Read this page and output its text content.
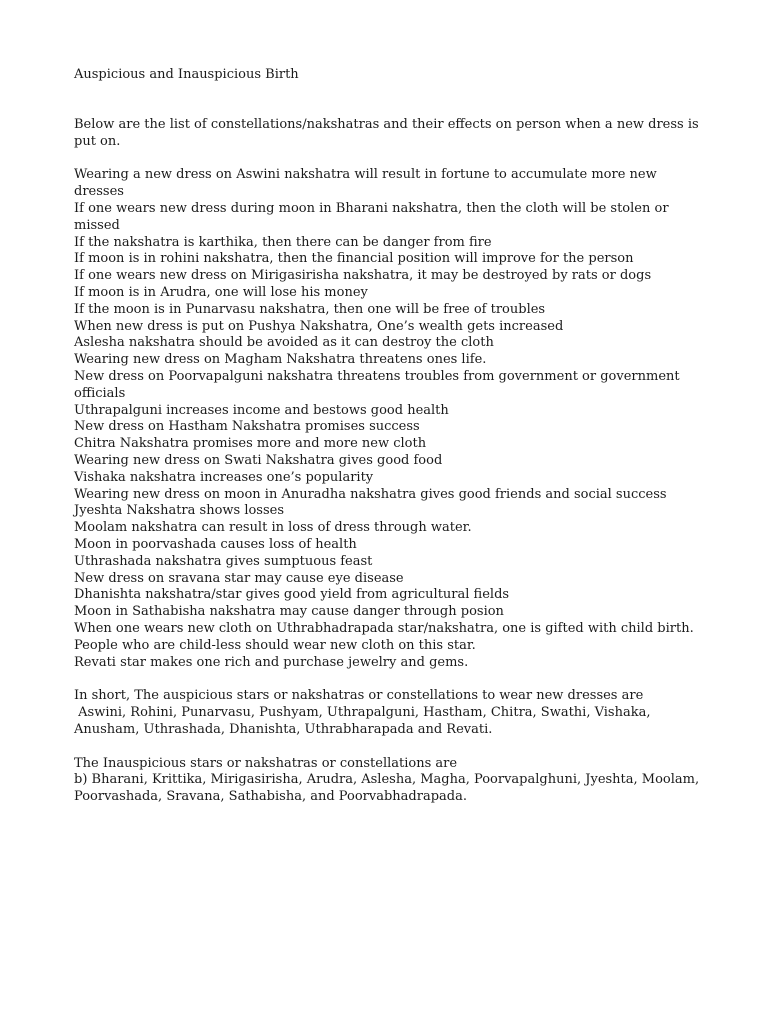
Auspicious and Inauspicious Birth

Below are the list of constellations/nakshatras and their effects on person when a new dress is put on.

Wearing a new dress on Aswini nakshatra will result in fortune to accumulate more new dresses

If one wears new dress during moon in Bharani nakshatra, then the cloth will be stolen or missed

If the nakshatra is karthika, then there can be danger from fire

If moon is in rohini nakshatra, then the financial position will improve for the person

If one wears new dress on Mirigasirisha nakshatra, it may be destroyed by rats or dogs

If moon is in Arudra, one will lose his money

If the moon is in Punarvasu nakshatra, then one will be free of troubles

When new dress is put on Pushya Nakshatra, One’s wealth gets increased

Aslesha nakshatra should be avoided as it can destroy the cloth

Wearing new dress on Magham Nakshatra threatens ones life.

New dress on Poorvapalguni nakshatra threatens troubles from government or government officials

Uthrapalguni increases income and bestows good health

New dress on Hastham Nakshatra promises success

Chitra Nakshatra promises more and more new cloth

Wearing new dress on Swati Nakshatra gives good food

Vishaka nakshatra increases one’s popularity

Wearing new dress on moon in Anuradha nakshatra gives good friends and social success

Jyeshta Nakshatra shows losses

Moolam nakshatra can result in loss of dress through water.

Moon in poorvashada causes loss of health

Uthrashada nakshatra gives sumptuous feast

New dress on sravana star may cause eye disease

Dhanishta nakshatra/star gives good yield from agricultural fields

Moon in Sathabisha nakshatra may cause danger through posion

When one wears new cloth on Uthrabhadrapada star/nakshatra, one is gifted with child birth. People who are child-less should wear new cloth on this star.

Revati star makes one rich and purchase jewelry and gems.

In short, The auspicious stars or nakshatras or constellations to wear new dresses are

Aswini, Rohini, Punarvasu, Pushyam, Uthrapalguni, Hastham, Chitra, Swathi, Vishaka, Anusham, Uthrashada, Dhanishta, Uthrabharapada and Revati.

The Inauspicious stars or nakshatras or constellations are

b) Bharani, Krittika, Mirigasirisha, Arudra, Aslesha, Magha, Poorvapalghuni, Jyeshta, Moolam, Poorvashada, Sravana, Sathabisha, and Poorvabhadrapada.
